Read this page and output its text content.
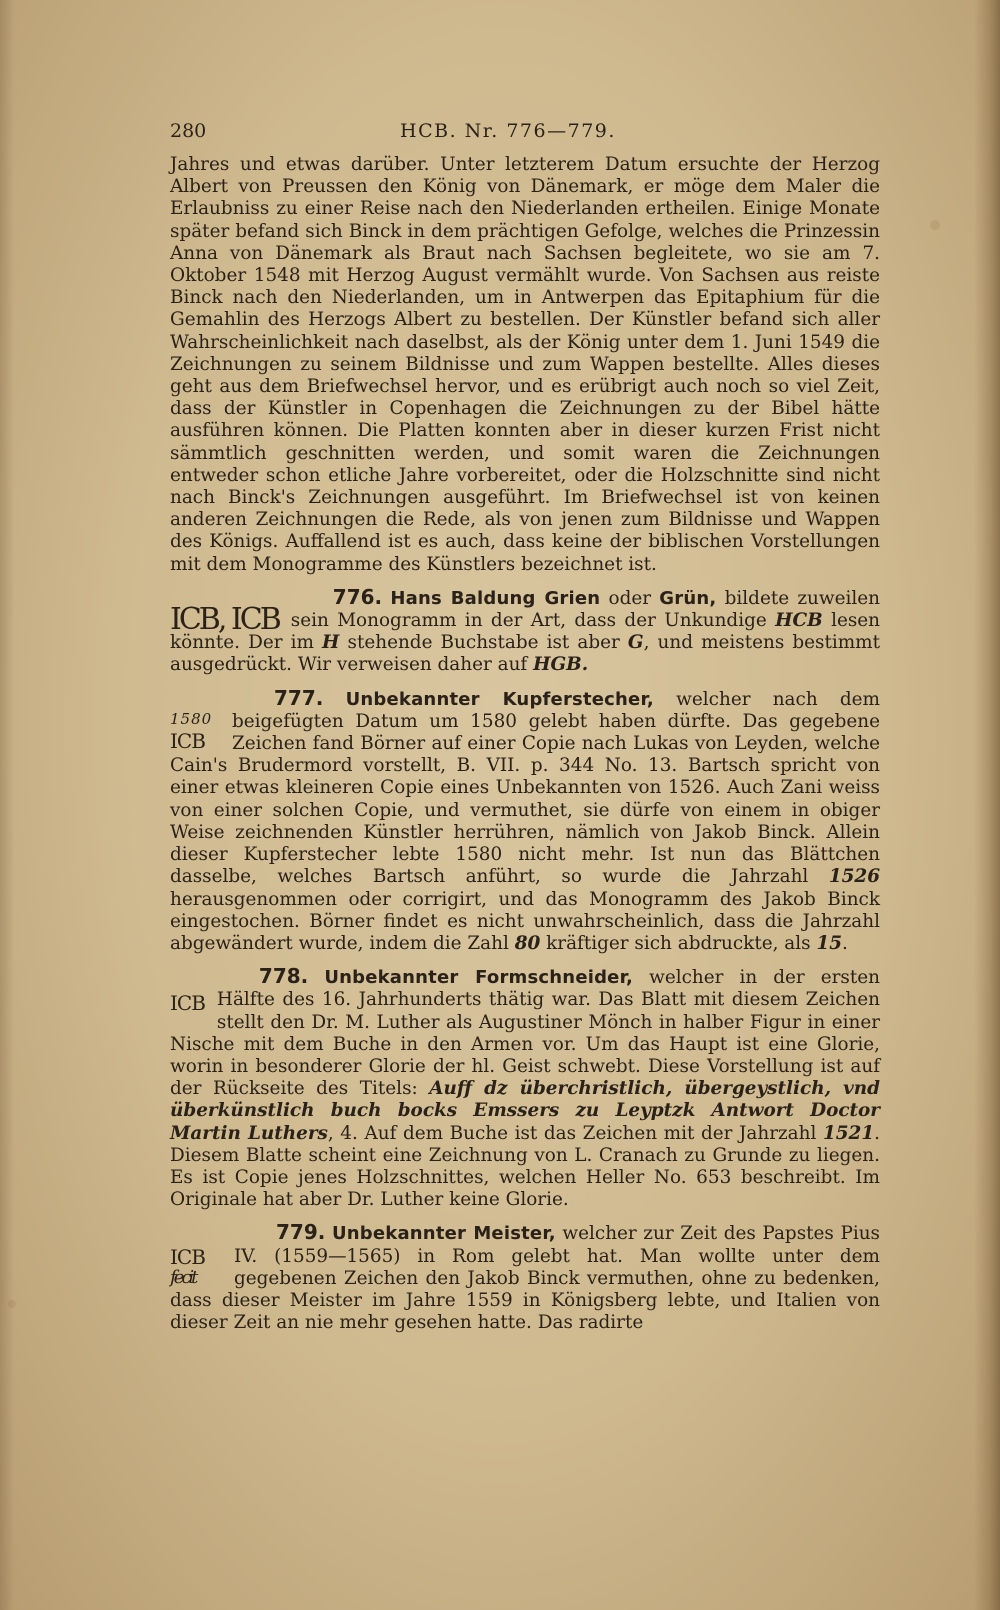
280	HCB. Nr. 776—779.

Jahres und etwas darüber. Unter letzterem Datum ersuchte der Herzog Albert von Preussen den König von Dänemark, er möge dem Maler die Erlaubniss zu einer Reise nach den Niederlanden ertheilen. Einige Monate später befand sich Binck in dem prächtigen Gefolge, welches die Prinzessin Anna von Dänemark als Braut nach Sachsen begleitete, wo sie am 7. Oktober 1548 mit Herzog August vermählt wurde. Von Sachsen aus reiste Binck nach den Niederlanden, um in Antwerpen das Epitaphium für die Gemahlin des Herzogs Albert zu bestellen. Der Künstler befand sich aller Wahrscheinlichkeit nach daselbst, als der König unter dem 1. Juni 1549 die Zeichnungen zu seinem Bildnisse und zum Wappen bestellte. Alles dieses geht aus dem Briefwechsel hervor, und es erübrigt auch noch so viel Zeit, dass der Künstler in Copenhagen die Zeichnungen zu der Bibel hätte ausführen können. Die Platten konnten aber in dieser kurzen Frist nicht sämmtlich geschnitten werden, und somit waren die Zeichnungen entweder schon etliche Jahre vorbereitet, oder die Holzschnitte sind nicht nach Binck's Zeichnungen ausgeführt. Im Briefwechsel ist von keinen anderen Zeichnungen die Rede, als von jenen zum Bildnisse und Wappen des Königs. Auffallend ist es auch, dass keine der biblischen Vorstellungen mit dem Monogramme des Künstlers bezeichnet ist.

ICB, ICB

776. Hans Baldung Grien oder Grün, bildete zuweilen sein Monogramm in der Art, dass der Unkundige HCB lesen könnte. Der im H stehende Buchstabe ist aber G, und meistens bestimmt ausgedrückt. Wir verweisen daher auf HGB.

1580
ICB

777. Unbekannter Kupferstecher, welcher nach dem beigefügten Datum um 1580 gelebt haben dürfte. Das gegebene Zeichen fand Börner auf einer Copie nach Lukas von Leyden, welche Cain's Brudermord vorstellt, B. VII. p. 344 No. 13. Bartsch spricht von einer etwas kleineren Copie eines Unbekannten von 1526. Auch Zani weiss von einer solchen Copie, und vermuthet, sie dürfe von einem in obiger Weise zeichnenden Künstler herrühren, nämlich von Jakob Binck. Allein dieser Kupferstecher lebte 1580 nicht mehr. Ist nun das Blättchen dasselbe, welches Bartsch anführt, so wurde die Jahrzahl 1526 herausgenommen oder corrigirt, und das Monogramm des Jakob Binck eingestochen. Börner findet es nicht unwahrscheinlich, dass die Jahrzahl abgewändert wurde, indem die Zahl 80 kräftiger sich abdruckte, als 15.

ICB

778. Unbekannter Formschneider, welcher in der ersten Hälfte des 16. Jahrhunderts thätig war. Das Blatt mit diesem Zeichen stellt den Dr. M. Luther als Augustiner Mönch in halber Figur in einer Nische mit dem Buche in den Armen vor. Um das Haupt ist eine Glorie, worin in besonderer Glorie der hl. Geist schwebt. Diese Vorstellung ist auf der Rückseite des Titels: Auff dz überchristlich, übergeystlich, vnd überkünstlich buch bocks Emssers zu Leyptzk Antwort Doctor Martin Luthers, 4. Auf dem Buche ist das Zeichen mit der Jahrzahl 1521. Diesem Blatte scheint eine Zeichnung von L. Cranach zu Grunde zu liegen. Es ist Copie jenes Holzschnittes, welchen Heller No. 653 beschreibt. Im Originale hat aber Dr. Luther keine Glorie.

ICB
fecit

779. Unbekannter Meister, welcher zur Zeit des Papstes Pius IV. (1559—1565) in Rom gelebt hat. Man wollte unter dem gegebenen Zeichen den Jakob Binck vermuthen, ohne zu bedenken, dass dieser Meister im Jahre 1559 in Königsberg lebte, und Italien von dieser Zeit an nie mehr gesehen hatte. Das radirte
